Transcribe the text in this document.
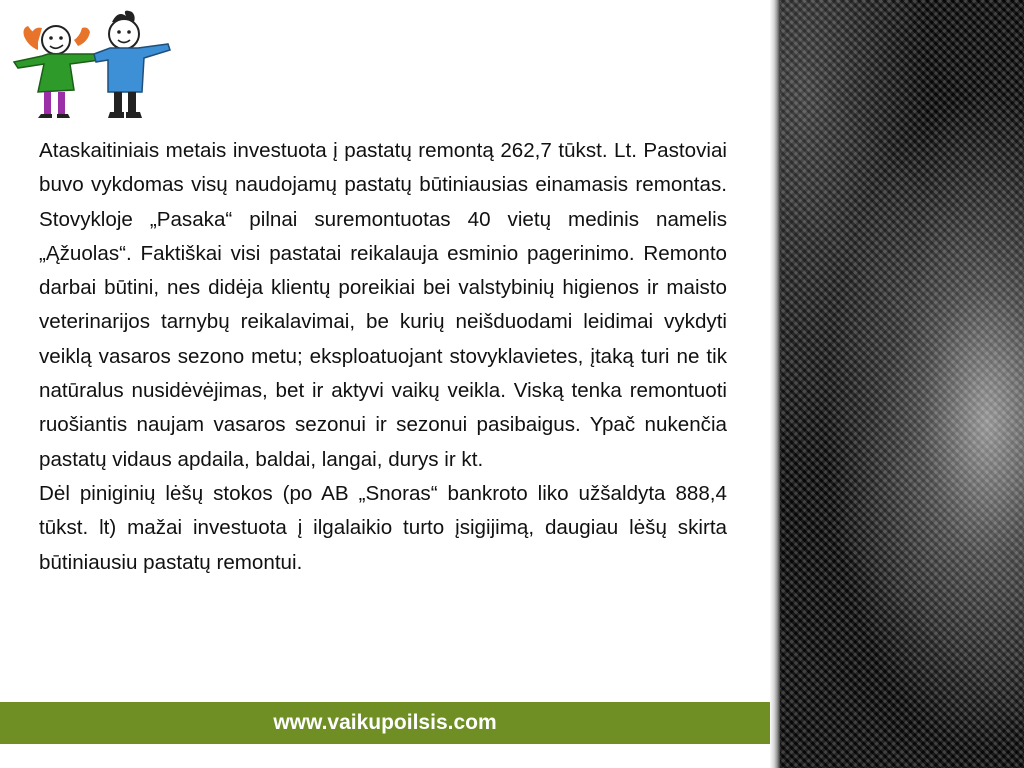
Ataskaitiniais metais investuota į pastatų remontą 262,7 tūkst. Lt. Pastoviai buvo vykdomas visų naudojamų pastatų būtiniausias einamasis remontas. Stovykloje „Pasaka“ pilnai suremontuotas 40 vietų medinis namelis „Ąžuolas“. Faktiškai visi pastatai reikalauja esminio pagerinimo. Remonto darbai būtini, nes didėja klientų poreikiai bei valstybinių higienos ir maisto veterinarijos tarnybų reikalavimai, be kurių neišduodami leidimai vykdyti veiklą vasaros sezono metu; eksploatuojant stovyklavietes, įtaką turi ne tik natūralus nusidėvėjimas, bet ir aktyvi vaikų veikla. Viską tenka remontuoti ruošiantis naujam vasaros sezonui ir sezonui pasibaigus. Ypač nukenčia pastatų vidaus apdaila, baldai, langai, durys ir kt.

Dėl piniginių lėšų stokos (po AB „Snoras“ bankroto liko užšaldyta 888,4 tūkst. lt) mažai investuota į ilgalaikio turto įsigijimą, daugiau lėšų skirta būtiniausiu pastatų remontui.

www.vaikupoilsis.com
